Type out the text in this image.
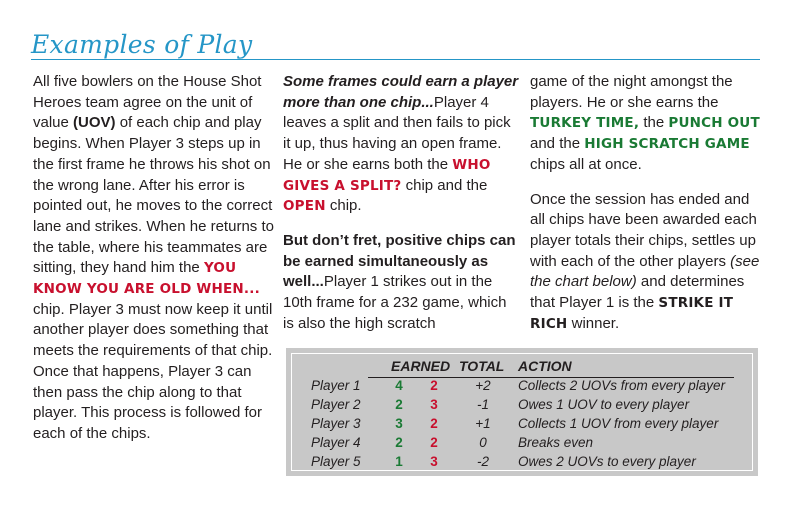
Examples of Play

All five bowlers on the House Shot Heroes team agree on the unit of value (UOV) of each chip and play begins. When Player 3 steps up in the first frame he throws his shot on the wrong lane. After his error is pointed out, he moves to the correct lane and strikes. When he returns to the table, where his teammates are sitting, they hand him the YOU KNOW YOU ARE OLD WHEN... chip. Player 3 must now keep it until another player does something that meets the requirements of that chip. Once that happens, Player 3 can then pass the chip along to that player. This process is followed for each of the chips.

Some frames could earn a player more than one chip...Player 4 leaves a split and then fails to pick it up, thus having an open frame. He or she earns both the WHO GIVES A SPLIT? chip and the OPEN chip.

But don’t fret, positive chips can be earned simultaneously as well...Player 1 strikes out in the 10th frame for a 232 game, which is also the high scratch

game of the night amongst the players. He or she earns the TURKEY TIME, the PUNCH OUT and the HIGH SCRATCH GAME chips all at once.

Once the session has ended and all chips have been awarded each player totals their chips, settles up with each of the other players (see the chart below) and determines that Player 1 is the STRIKE IT RICH winner.

EARNED TOTAL ACTION
Player 1	4 2	+2	Collects 2 UOVs from every player
Player 2	2 3	-1	Owes 1 UOV to every player
Player 3	3 2	+1	Collects 1 UOV from every player
Player 4	2 2	0	Breaks even
Player 5	1 3	-2	Owes 2 UOVs to every player
